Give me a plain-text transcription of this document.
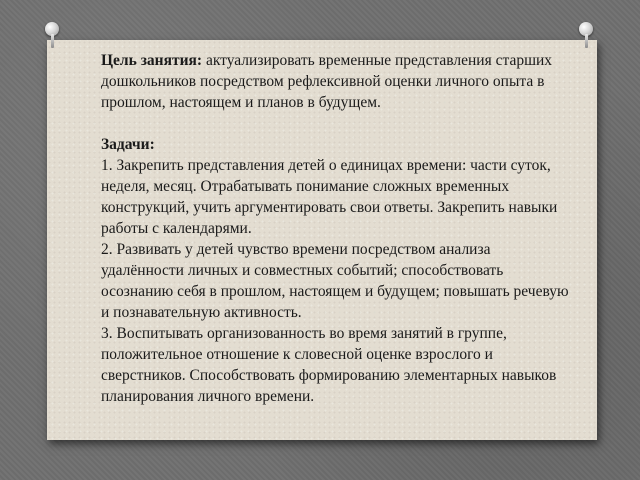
Цель занятия: актуализировать временные представления старших дошкольников посредством рефлексивной оценки личного опыта в прошлом, настоящем и планов в будущем.

Задачи:

1. Закрепить представления детей о единицах времени: части суток, неделя, месяц. Отрабатывать понимание сложных временных конструкций, учить аргументировать свои ответы. Закрепить навыки работы с календарями.

2. Развивать у детей чувство времени посредством анализа удалённости личных и совместных событий; способствовать осознанию себя в прошлом, настоящем и будущем; повышать речевую и познавательную активность.

3. Воспитывать организованность во время занятий в группе, положительное отношение к словесной оценке взрослого и сверстников. Способствовать формированию элементарных навыков планирования личного времени.
